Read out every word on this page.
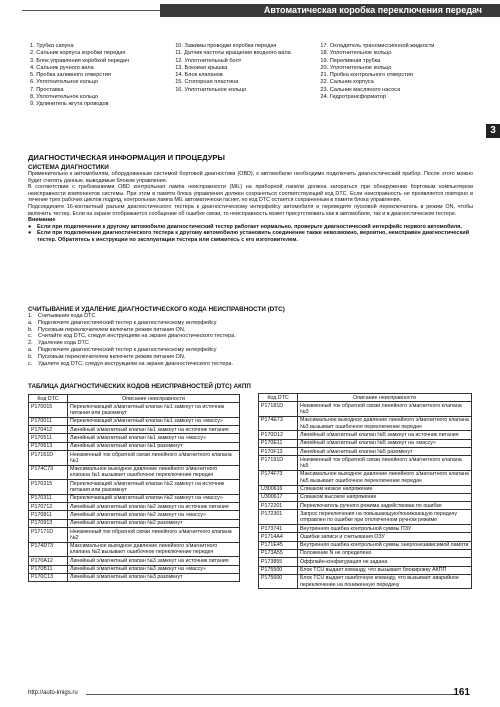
Автоматическая коробка переключения передач
1. Трубка сапуна
2. Сальник корпуса коробки передач
3. Блок управления коробкой передач
4. Сальник ручного вала
5. Пробка заливного отверстия
6. Уплотнительное кольцо
7. Проставка
8. Уплотнительное кольцо
9. Удлинитель жгута проводов
10. Зажимы проводки коробки передач
11. Датчик частоты вращения входного вала
12. Уплотнительный болт
13. Боковая крышка
14. Блок клапанов
15. Стопорная пластина
16. Уплотнительное кольцо
17. Охладитель трансмиссионной жидкости
18. Уплотнительное кольцо
19. Переливная трубка
20. Уплотнительное кольцо
21. Пробка контрольного отверстия
22. Сальник корпуса
23. Сальник масляного насоса
24. Гидротрансформатор
3
ДИАГНОСТИЧЕСКАЯ ИНФОРМАЦИЯ И ПРОЦЕДУРЫ
СИСТЕМА ДИАГНОСТИКИ
Применительно к автомобилям, оборудованным системой бортовой диагностики (OBD), к автомобилю необходимо подключить диагностический прибор. После этого можно будет считать данные, выводимые блоком управления.
В соответствии с требованиями OBD контрольная лампа неисправности (MIL) на приборной панели должна загораться при обнаружении бортовым компьютером неисправности компонентов системы. При этом в памяти блока управления должен сохраняться соответствующий код DTC. Если неисправность не проявляется повторно в течение трех рабочих циклов подряд, контрольная лампа MIL автоматически гаснет, но код DTC остается сохраненным в памяти блока управления.
Подсоедините 16-контактный разъем диагностического тестера к диагностическому интерфейсу автомобиля и переведите пусковой переключатель в режим ON, чтобы включить тестер. Если на экране отображается сообщение об ошибке связи, то неисправность может присутствовать как в автомобиле, так и в диагностическом тестере.
Внимание
●	Если при подключении к другому автомобилю диагностический тестер работает нормально, проверьте диагностический интерфейс первого автомобиля.
●	Если при подключении диагностического тестера к другому автомобилю установить соединение также невозможно, вероятно, неисправен диагностический тестер. Обратитесь к инструкции по эксплуатации тестера или свяжитесь с его изготовителем.
СЧИТЫВАНИЕ И УДАЛЕНИЕ ДИАГНОСТИЧЕСКОГО КОДА НЕИСПРАВНОСТИ (DTC)
1. Считывание кода DTC
a. Подключите диагностический тестер к диагностическому интерфейсу
b. Пусковым переключателем включите режим питания ON.
c.	Считайте код DTC, следуя инструкциям на экране диагностического тестера.
2. Удаление кода DTC
a. Подключите диагностический тестер к диагностическому интерфейсу
b. Пусковым переключателем включите режим питания ON.
c.	Удалите код DTC, следуя инструкциям на экране диагностического тестера.
ТАБЛИЦА ДИАГНОСТИЧЕСКИХ КОДОВ НЕИСПРАВНОСТЕЙ (DTC) АКПП
Код DTC	Описание неисправности
P170015	Переключающий э/магнитный клапан №1 замкнут на источник питания или разомкнут
P170011	Переключающий э/магнитный клапан №1 замкнут на «массу»
P170412	Линейный э/магнитный клапан №1 замкнут на источник питания
P170511	Линейный э/магнитный клапан №1 замкнут на «массу»
P170613	Линейный э/магнитный клапан №1 разомкнут
P17161D	Неизменный ток обратной связи линейного э/магнитного клапана №1
P174C73	Максимальное выходное давление линейного э/магнитного клапана №1 вызывает ошибочное переключение передач
P170215	Переключающий э/магнитный клапан №2 замкнут на источник питания или разомкнут
P170311	Переключающий э/магнитный клапан №2 замкнут на «массу»
P170712	Линейный э/магнитный клапан №2 замкнут на источник питания
P170811	Линейный э/магнитный клапан №2 замкнут на «массу»
P170913	Линейный э/магнитный клапан №2 разомкнут
P17171D	Неизменный ток обратной связи линейного э/магнитного клапана №2
P174D73	Максимальное выходное давление линейного э/магнитного клапана №2 вызывает ошибочное переключение передач
P170A12	Линейный э/магнитный клапан №3 замкнут на источник питания
P170B11	Линейный э/магнитный клапан №3 замкнут на «массу»
P170C13	Линейный э/магнитный клапан №3 разомкнут
Код DTC	Описание неисправности
P17181D	Неизменный ток обратной связи линейного э/магнитного клапана №3
P174E73	Максимальное выходное давление линейного э/магнитного клапана №3 вызывает ошибочное переключение передач
P170D12	Линейный э/магнитный клапан №5 замкнут на источник питания
P170E11	Линейный э/магнитный клапан №5 замкнут на «массу»
P170F13	Линейный э/магнитный клапан №5 разомкнут
P17191D	Неизменный ток обратной связи линейного э/магнитного клапана №5
P174F73	Максимальное выходное давление линейного э/магнитного клапана №5 вызывает ошибочное переключение передач
U300616	Слишком низкое напряжение
U300617	Слишком высокое напряжение
P172201	Переключатель ручного режима задействован по ошибке
P172301	Запрос переключения на повышающую/понижающую передачу отправлен по ошибке при отключенном ручном режиме
P173741	Внутренняя ошибка контрольной суммы ПЗУ
P1714A4	Ошибки записи и считывания ОЗУ
P171E45	Внутренняя ошибка контрольной суммы энергонезависимой памяти
P173A55	Положение N не определено
P173855	Оффлайн-конфигурация не задана
P175500	Блок TCU выдает команду, что вызывает блокировку АКПП
P175600	Блок TCU выдает ошибочную команду, что вызывает аварийное переключение на пониженную передачу
http://auto-knigs.ru	161
